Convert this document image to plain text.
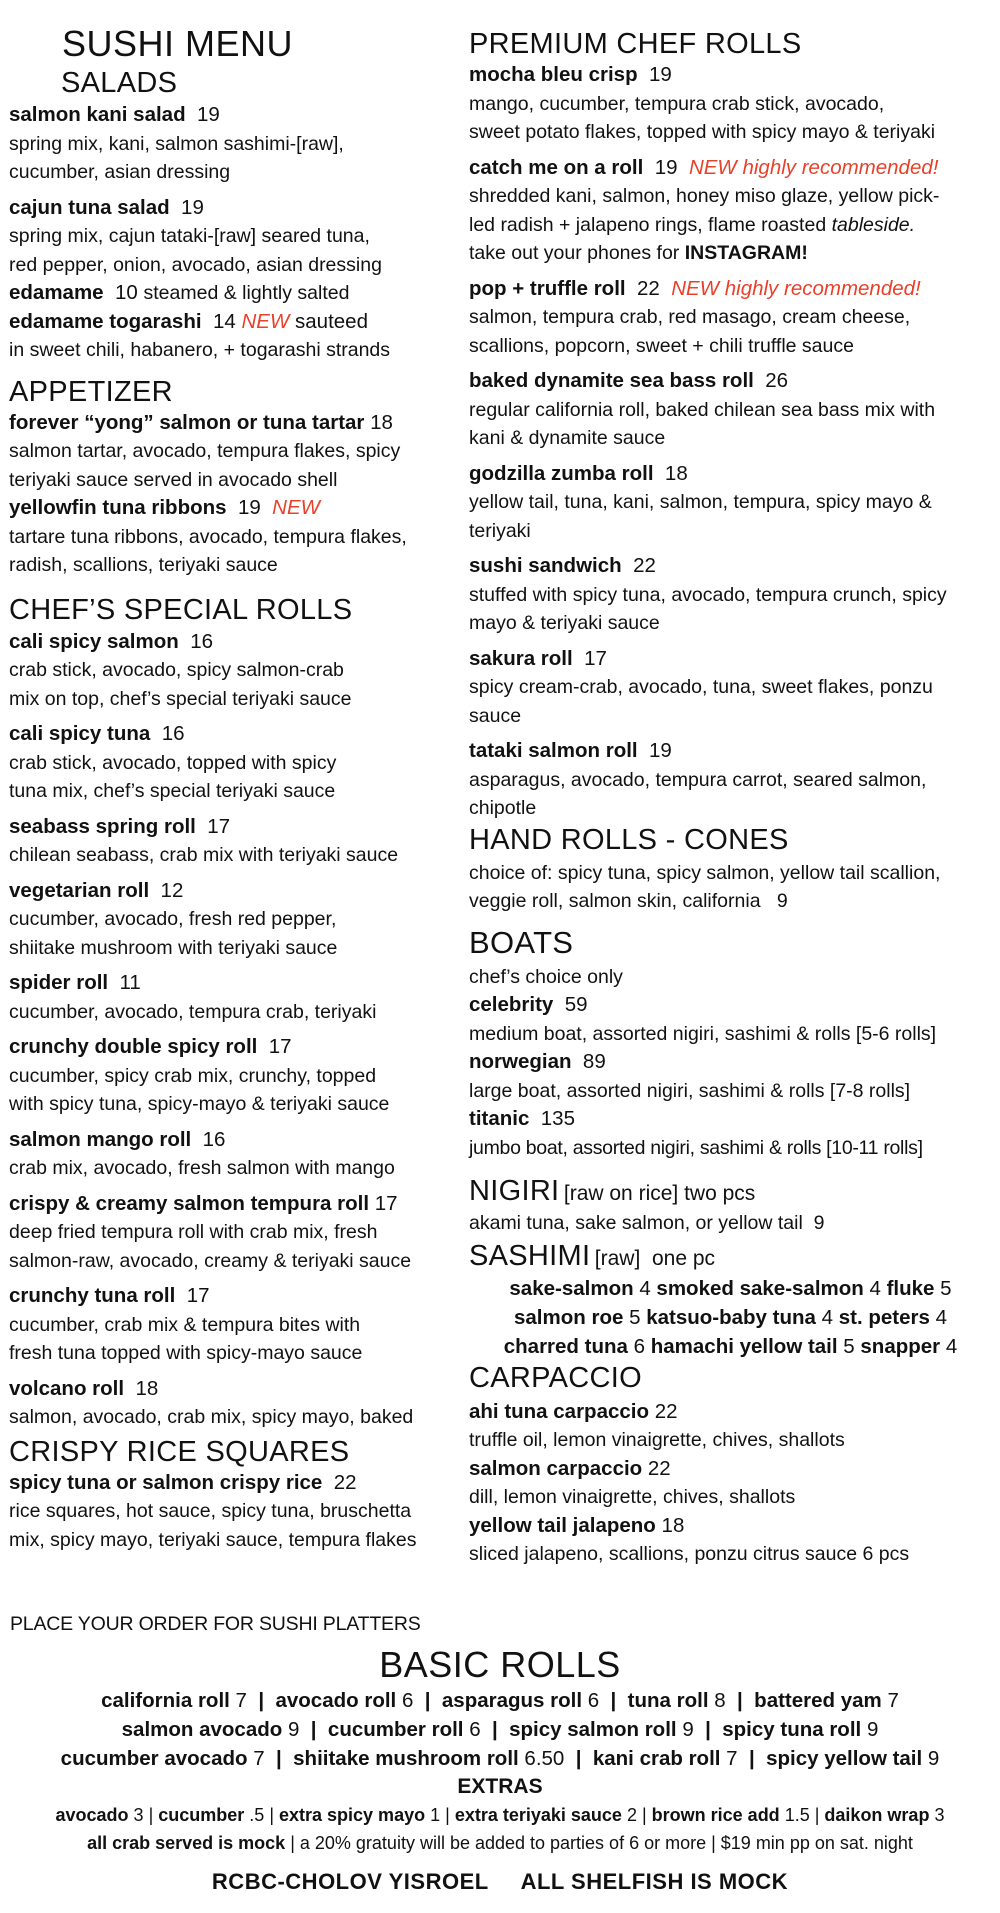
SUSHI MENU
SALADS
salmon kani salad 19
spring mix, kani, salmon sashimi-[raw],
cucumber, asian dressing
cajun tuna salad 19
spring mix, cajun tataki-[raw] seared tuna,
red pepper, onion, avocado, asian dressing
edamame 10 steamed & lightly salted
edamame togarashi 14 NEW sauteed
in sweet chili, habanero, + togarashi strands
APPETIZER
forever “yong” salmon or tuna tartar 18
salmon tartar, avocado, tempura flakes, spicy
teriyaki sauce served in avocado shell
yellowfin tuna ribbons 19 NEW
tartare tuna ribbons, avocado, tempura flakes,
radish, scallions, teriyaki sauce
CHEF’S SPECIAL ROLLS
cali spicy salmon 16
crab stick, avocado, spicy salmon-crab
mix on top, chef’s special teriyaki sauce
cali spicy tuna 16
crab stick, avocado, topped with spicy
tuna mix, chef’s special teriyaki sauce
seabass spring roll 17
chilean seabass, crab mix with teriyaki sauce
vegetarian roll 12
cucumber, avocado, fresh red pepper,
shiitake mushroom with teriyaki sauce
spider roll 11
cucumber, avocado, tempura crab, teriyaki
crunchy double spicy roll 17
cucumber, spicy crab mix, crunchy, topped
with spicy tuna, spicy-mayo & teriyaki sauce
salmon mango roll 16
crab mix, avocado, fresh salmon with mango
crispy & creamy salmon tempura roll 17
deep fried tempura roll with crab mix, fresh
salmon-raw, avocado, creamy & teriyaki sauce
crunchy tuna roll 17
cucumber, crab mix & tempura bites with
fresh tuna topped with spicy-mayo sauce
volcano roll 18
salmon, avocado, crab mix, spicy mayo, baked
CRISPY RICE SQUARES
spicy tuna or salmon crispy rice 22
rice squares, hot sauce, spicy tuna, bruschetta
mix, spicy mayo, teriyaki sauce, tempura flakes
PLACE YOUR ORDER FOR SUSHI PLATTERS
PREMIUM CHEF ROLLS
mocha bleu crisp 19
mango, cucumber, tempura crab stick, avocado,
sweet potato flakes, topped with spicy mayo & teriyaki
catch me on a roll 19 NEW highly recommended!
shredded kani, salmon, honey miso glaze, yellow pick-
led radish + jalapeno rings, flame roasted tableside.
take out your phones for INSTAGRAM!
pop + truffle roll 22 NEW highly recommended!
salmon, tempura crab, red masago, cream cheese,
scallions, popcorn, sweet + chili truffle sauce
baked dynamite sea bass roll 26
regular california roll, baked chilean sea bass mix with
kani & dynamite sauce
godzilla zumba roll 18
yellow tail, tuna, kani, salmon, tempura, spicy mayo &
teriyaki
sushi sandwich 22
stuffed with spicy tuna, avocado, tempura crunch, spicy
mayo & teriyaki sauce
sakura roll 17
spicy cream-crab, avocado, tuna, sweet flakes, ponzu
sauce
tataki salmon roll 19
asparagus, avocado, tempura carrot, seared salmon,
chipotle
HAND ROLLS - CONES
choice of: spicy tuna, spicy salmon, yellow tail scallion,
veggie roll, salmon skin, california 9
BOATS
chef’s choice only
celebrity 59
medium boat, assorted nigiri, sashimi & rolls [5-6 rolls]
norwegian 89
large boat, assorted nigiri, sashimi & rolls [7-8 rolls]
titanic 135
jumbo boat, assorted nigiri, sashimi & rolls [10-11 rolls]
NIGIRI [raw on rice] two pcs
akami tuna, sake salmon, or yellow tail 9
SASHIMI [raw]  one pc
sake-salmon 4 smoked sake-salmon 4 fluke 5
salmon roe 5 katsuo-baby tuna 4 st. peters 4
charred tuna 6 hamachi yellow tail 5 snapper 4
CARPACCIO
ahi tuna carpaccio 22
truffle oil, lemon vinaigrette, chives, shallots
salmon carpaccio 22
dill, lemon vinaigrette, chives, shallots
yellow tail jalapeno 18
sliced jalapeno, scallions, ponzu citrus sauce 6 pcs
BASIC ROLLS
california roll 7  |  avocado roll 6  |  asparagus roll 6  |  tuna roll 8  |  battered yam 7
salmon avocado 9  |  cucumber roll 6  |  spicy salmon roll 9  |  spicy tuna roll 9
cucumber avocado 7  |  shiitake mushroom roll 6.50  |  kani crab roll 7  |  spicy yellow tail 9
EXTRAS
avocado 3 | cucumber .5 | extra spicy mayo 1 | extra teriyaki sauce 2 | brown rice add 1.5 | daikon wrap 3
all crab served is mock | a 20% gratuity will be added to parties of 6 or more | $19 min pp on sat. night
RCBC-CHOLOV YISROEL ALL SHELFISH IS MOCK
